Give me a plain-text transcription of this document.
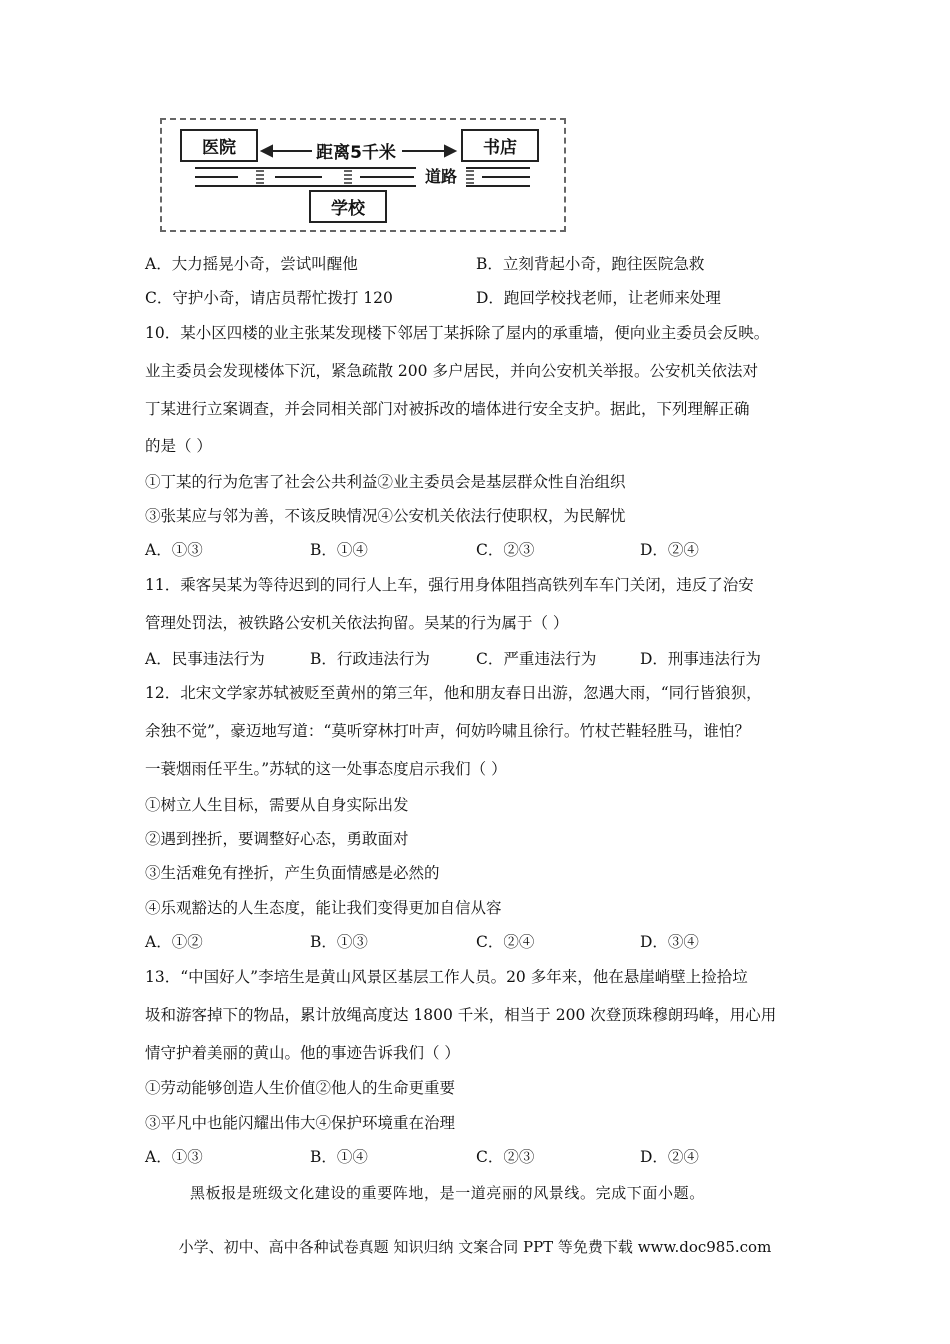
医院	书店
学校
距离5千米
道路
A．大力摇晃小奇，尝试叫醒他	B．立刻背起小奇，跑往医院急救
C．守护小奇，请店员帮忙拨打 120	D．跑回学校找老师，让老师来处理
10．某小区四楼的业主张某发现楼下邻居丁某拆除了屋内的承重墙，便向业主委员会反映。
业主委员会发现楼体下沉，紧急疏散 200 多户居民，并向公安机关举报。公安机关依法对
丁某进行立案调查，并会同相关部门对被拆改的墙体进行安全支护。据此，下列理解正确
的是（ ）
①丁某的行为危害了社会公共利益②业主委员会是基层群众性自治组织
③张某应与邻为善，不该反映情况④公安机关依法行使职权，为民解忧
A．①③	B．①④	C．②③	D．②④
11．乘客吴某为等待迟到的同行人上车，强行用身体阻挡高铁列车车门关闭，违反了治安
管理处罚法，被铁路公安机关依法拘留。吴某的行为属于（ ）
A．民事违法行为	B．行政违法行为	C．严重违法行为	D．刑事违法行为
12．北宋文学家苏轼被贬至黄州的第三年，他和朋友春日出游，忽遇大雨，“同行皆狼狈，
余独不觉”，豪迈地写道：“莫听穿林打叶声，何妨吟啸且徐行。竹杖芒鞋轻胜马，谁怕？
一蓑烟雨任平生。”苏轼的这一处事态度启示我们（ ）
①树立人生目标，需要从自身实际出发
②遇到挫折，要调整好心态，勇敢面对
③生活难免有挫折，产生负面情感是必然的
④乐观豁达的人生态度，能让我们变得更加自信从容
A．①②	B．①③	C．②④	D．③④
13．“中国好人”李培生是黄山风景区基层工作人员。20 多年来，他在悬崖峭壁上捡拾垃
圾和游客掉下的物品，累计放绳高度达 1800 千米，相当于 200 次登顶珠穆朗玛峰，用心用
情守护着美丽的黄山。他的事迹告诉我们（ ）
①劳动能够创造人生价值②他人的生命更重要
③平凡中也能闪耀出伟大④保护环境重在治理
A．①③	B．①④	C．②③	D．②④
黑板报是班级文化建设的重要阵地，是一道亮丽的风景线。完成下面小题。
小学、初中、高中各种试卷真题 知识归纳 文案合同 PPT 等免费下载 www.doc985.com
